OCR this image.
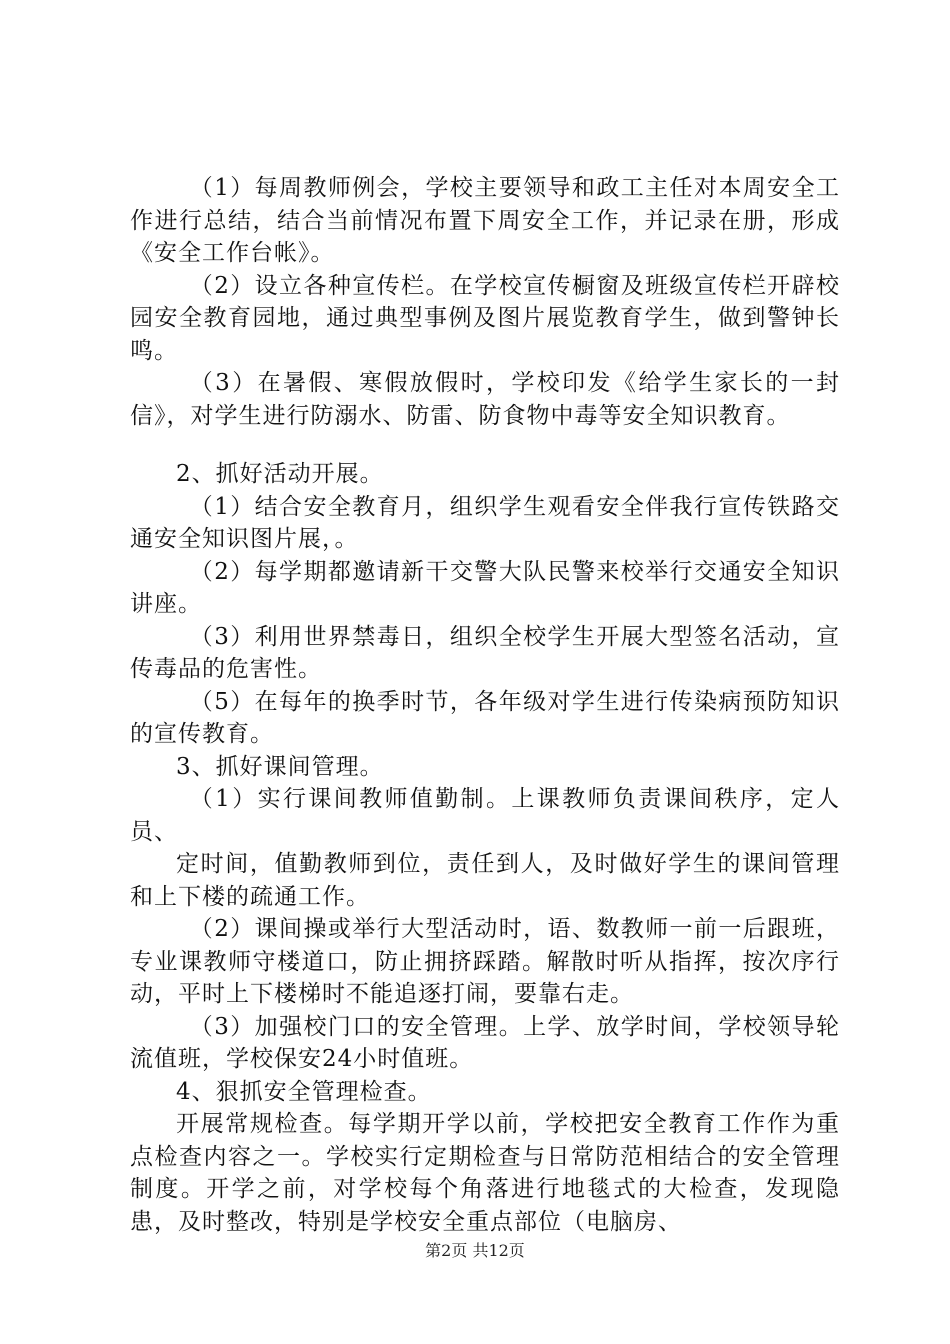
（1）每周教师例会，学校主要领导和政工主任对本周安全工作进行总结，结合当前情况布置下周安全工作，并记录在册，形成《安全工作台帐》。

（2）设立各种宣传栏。在学校宣传橱窗及班级宣传栏开辟校园安全教育园地，通过典型事例及图片展览教育学生，做到警钟长鸣。

（3）在暑假、寒假放假时，学校印发《给学生家长的一封信》，对学生进行防溺水、防雷、防食物中毒等安全知识教育。

2、抓好活动开展。

（1）结合安全教育月，组织学生观看安全伴我行宣传铁路交通安全知识图片展，。

（2）每学期都邀请新干交警大队民警来校举行交通安全知识讲座。

（3）利用世界禁毒日，组织全校学生开展大型签名活动，宣传毒品的危害性。

（5）在每年的换季时节，各年级对学生进行传染病预防知识的宣传教育。

3、抓好课间管理。

（1）实行课间教师值勤制。上课教师负责课间秩序，定人员、

定时间，值勤教师到位，责任到人，及时做好学生的课间管理和上下楼的疏通工作。

（2）课间操或举行大型活动时，语、数教师一前一后跟班，专业课教师守楼道口，防止拥挤踩踏。解散时听从指挥，按次序行动，平时上下楼梯时不能追逐打闹，要靠右走。

（3）加强校门口的安全管理。上学、放学时间，学校领导轮流值班，学校保安24小时值班。

4、狠抓安全管理检查。

开展常规检查。每学期开学以前，学校把安全教育工作作为重点检查内容之一。学校实行定期检查与日常防范相结合的安全管理制度。开学之前，对学校每个角落进行地毯式的大检查，发现隐患，及时整改，特别是学校安全重点部位（电脑房、

第2页 共12页
